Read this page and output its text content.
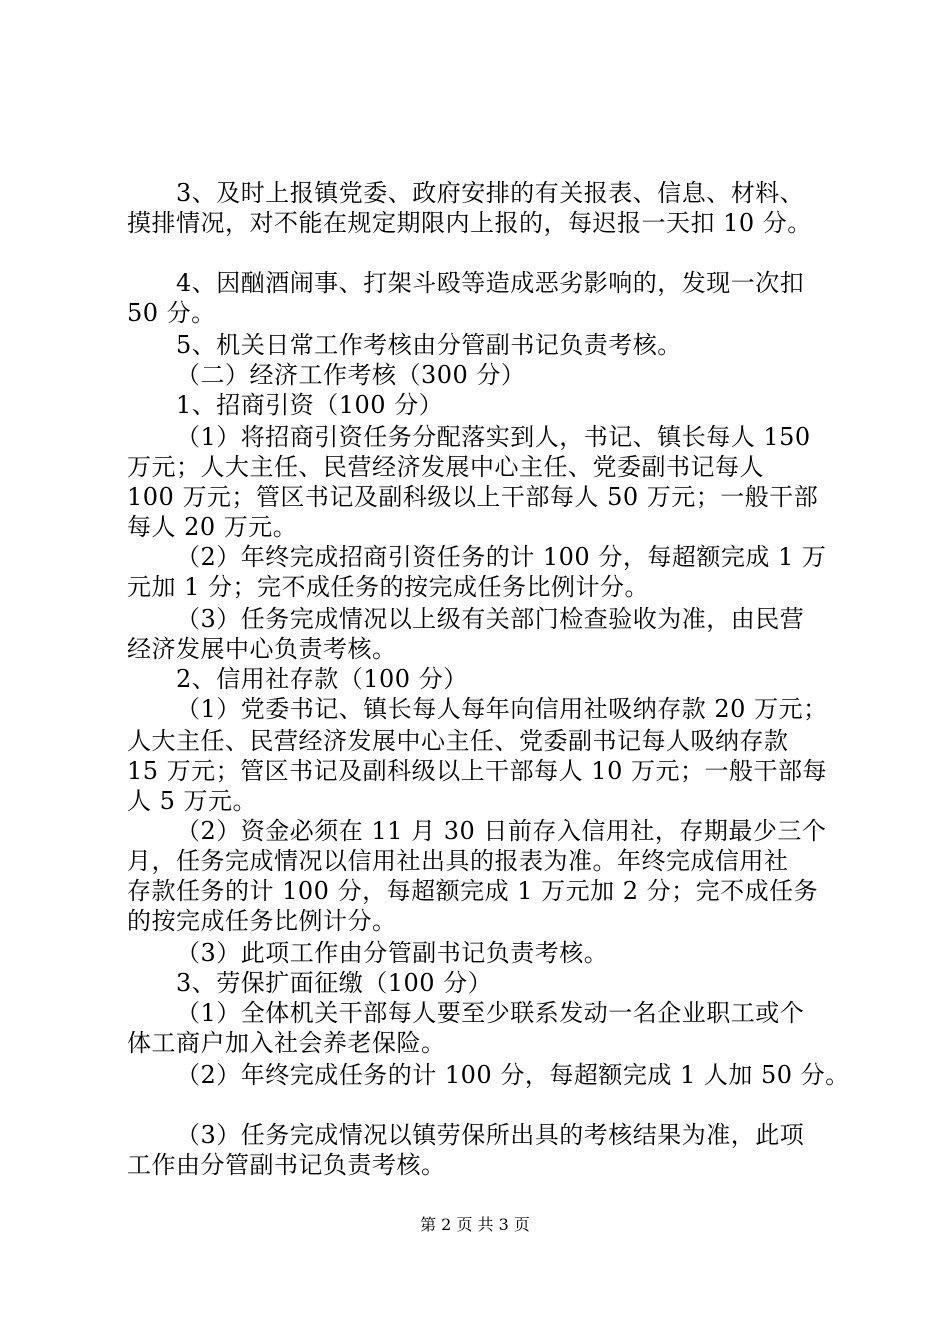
3、及时上报镇党委、政府安排的有关报表、信息、材料、
摸排情况，对不能在规定期限内上报的，每迟报一天扣 10 分。
4、因酗酒闹事、打架斗殴等造成恶劣影响的，发现一次扣
50 分。
5、机关日常工作考核由分管副书记负责考核。
（二）经济工作考核（300 分）
1、招商引资（100 分）
（1）将招商引资任务分配落实到人，书记、镇长每人 150
万元；人大主任、民营经济发展中心主任、党委副书记每人
100 万元；管区书记及副科级以上干部每人 50 万元；一般干部
每人 20 万元。
（2）年终完成招商引资任务的计 100 分，每超额完成 1 万
元加 1 分；完不成任务的按完成任务比例计分。
（3）任务完成情况以上级有关部门检查验收为准，由民营
经济发展中心负责考核。
2、信用社存款（100 分）
（1）党委书记、镇长每人每年向信用社吸纳存款 20 万元；
人大主任、民营经济发展中心主任、党委副书记每人吸纳存款
15 万元；管区书记及副科级以上干部每人 10 万元；一般干部每
人 5 万元。
（2）资金必须在 11 月 30 日前存入信用社，存期最少三个
月，任务完成情况以信用社出具的报表为准。年终完成信用社
存款任务的计 100 分，每超额完成 1 万元加 2 分；完不成任务
的按完成任务比例计分。
（3）此项工作由分管副书记负责考核。
3、劳保扩面征缴（100 分）
（1）全体机关干部每人要至少联系发动一名企业职工或个
体工商户加入社会养老保险。
（2）年终完成任务的计 100 分，每超额完成 1 人加 50 分。
（3）任务完成情况以镇劳保所出具的考核结果为准，此项
工作由分管副书记负责考核。
第 2 页 共 3 页
